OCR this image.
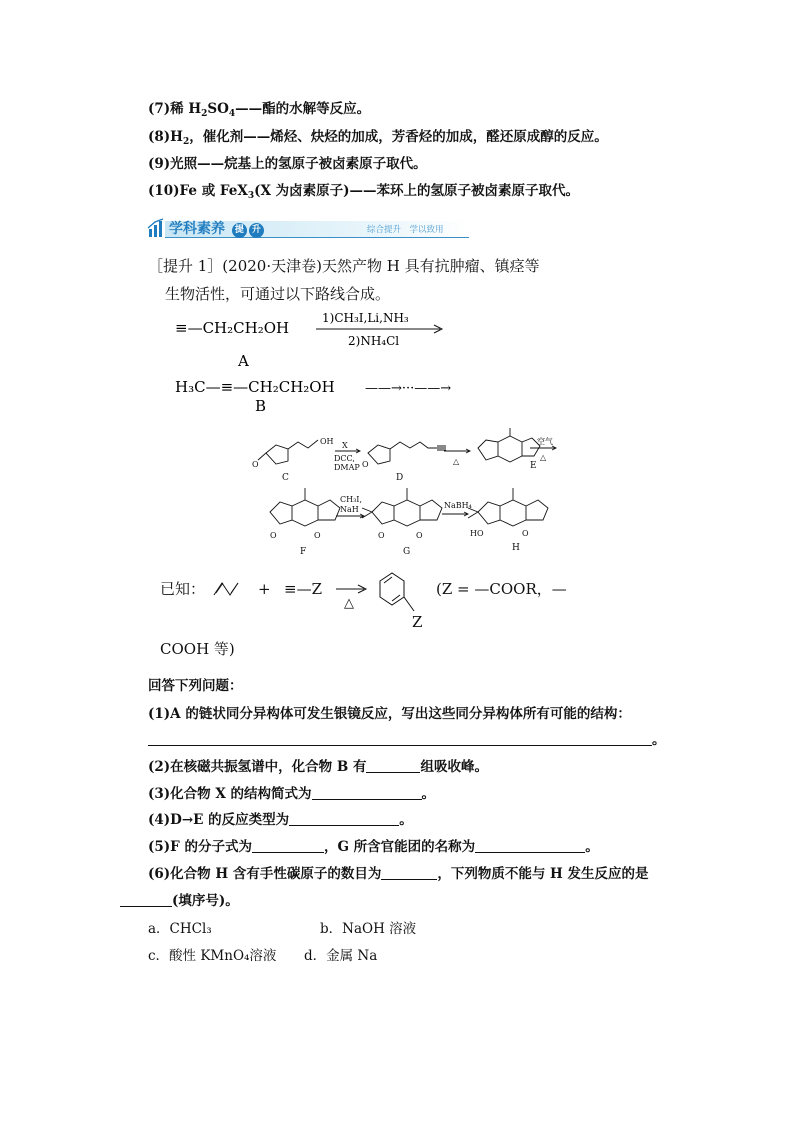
(7)稀 $H_2SO_4——$酯的水解等反应。
$(8)H_2$，催化剂——烯烃、炔烃的加成，芳香烃的加成，醛还原成醇的反应。
(9)光照——烷基上的氢原子被卤素原子取代。
(10)Fe 或 FeX$_3$(X 为卤素原子)——苯环上的氢原子被卤素原子取代。
学科素养 提 升	综合提升　学以致用
［提升 1］(2020·天津卷)天然产物 H 具有抗肿瘤、镇痉等
生物活性，可通过以下路线合成。
≡—CH₂CH₂OH
1)CH₃I,Li,NH₃
2)NH₄Cl
A
H₃C—≡—CH₂CH₂OH ——→···——→
B
OH
O
C
X
DCC,
DMAP O
D
△	E
空气
△
O	O
F
CH₃I,
NaH
O	O
G
NaBH₄
HO	O
H
已知：	+ ≡—Z
△
Z
(Z = —COOR，—
COOH 等)
回答下列问题：
(1)A 的链状同分异构体可发生银镜反应，写出这些同分异构体所有可能的结构：
。
(2)在核磁共振氢谱中，化合物 B 有	组吸收峰。
(3)化合物 X 的结构简式为	。
(4)D→E 的反应类型为	。
(5)F 的分子式为	，G 所含官能团的名称为	。
(6)化合物 H 含有手性碳原子的数目为	，下列物质不能与 H 发生反应的是
(填序号)。
a．CHCl₃	b．NaOH 溶液
c．酸性 KMnO₄溶液 d．金属 Na
